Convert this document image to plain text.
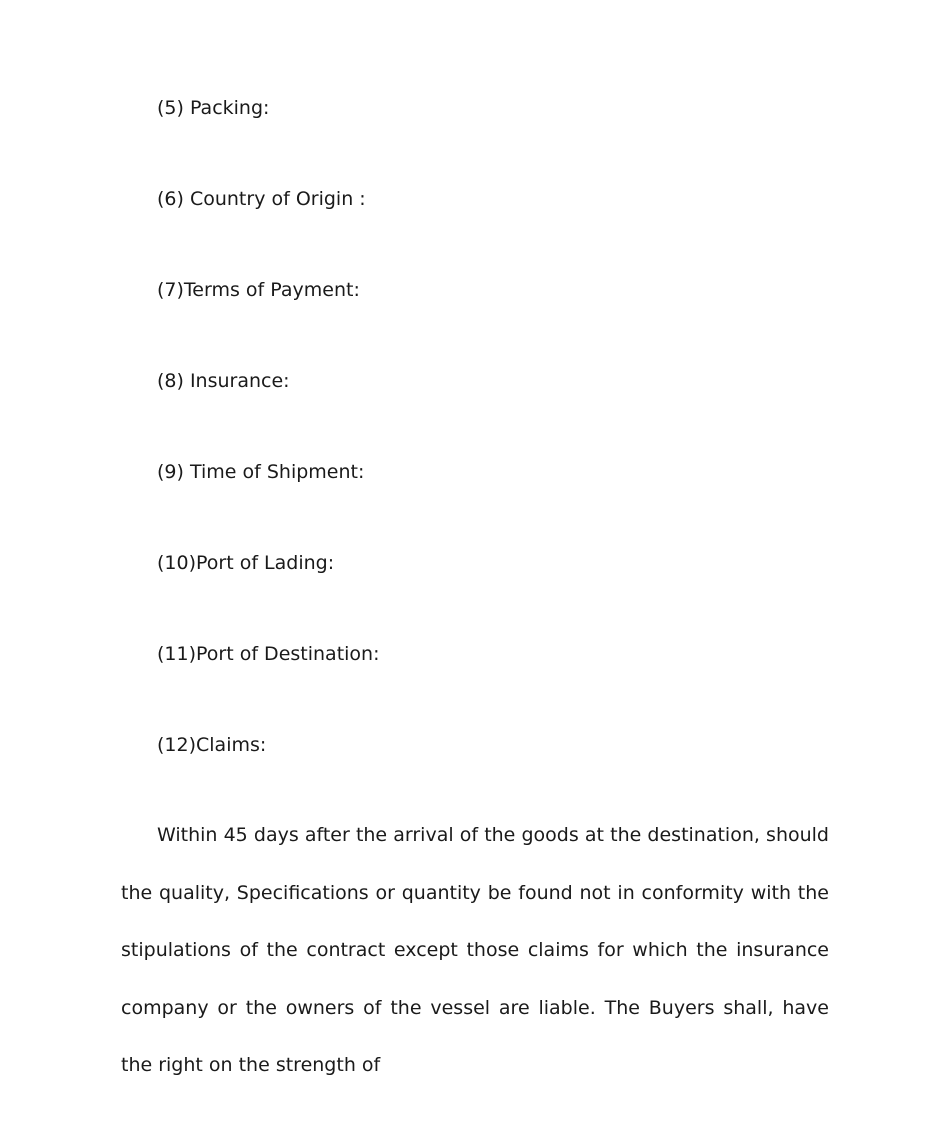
(5) Packing:
(6) Country of Origin :
(7)Terms of Payment:
(8) Insurance:
(9) Time of Shipment:
(10)Port of Lading:
(11)Port of Destination:
(12)Claims:

Within 45 days after the arrival of the goods at the destination, should the quality, Specifications or quantity be found not in conformity with the stipulations of the contract except those claims for which the insurance company or the owners of the vessel are liable. The Buyers shall, have the right on the strength of
